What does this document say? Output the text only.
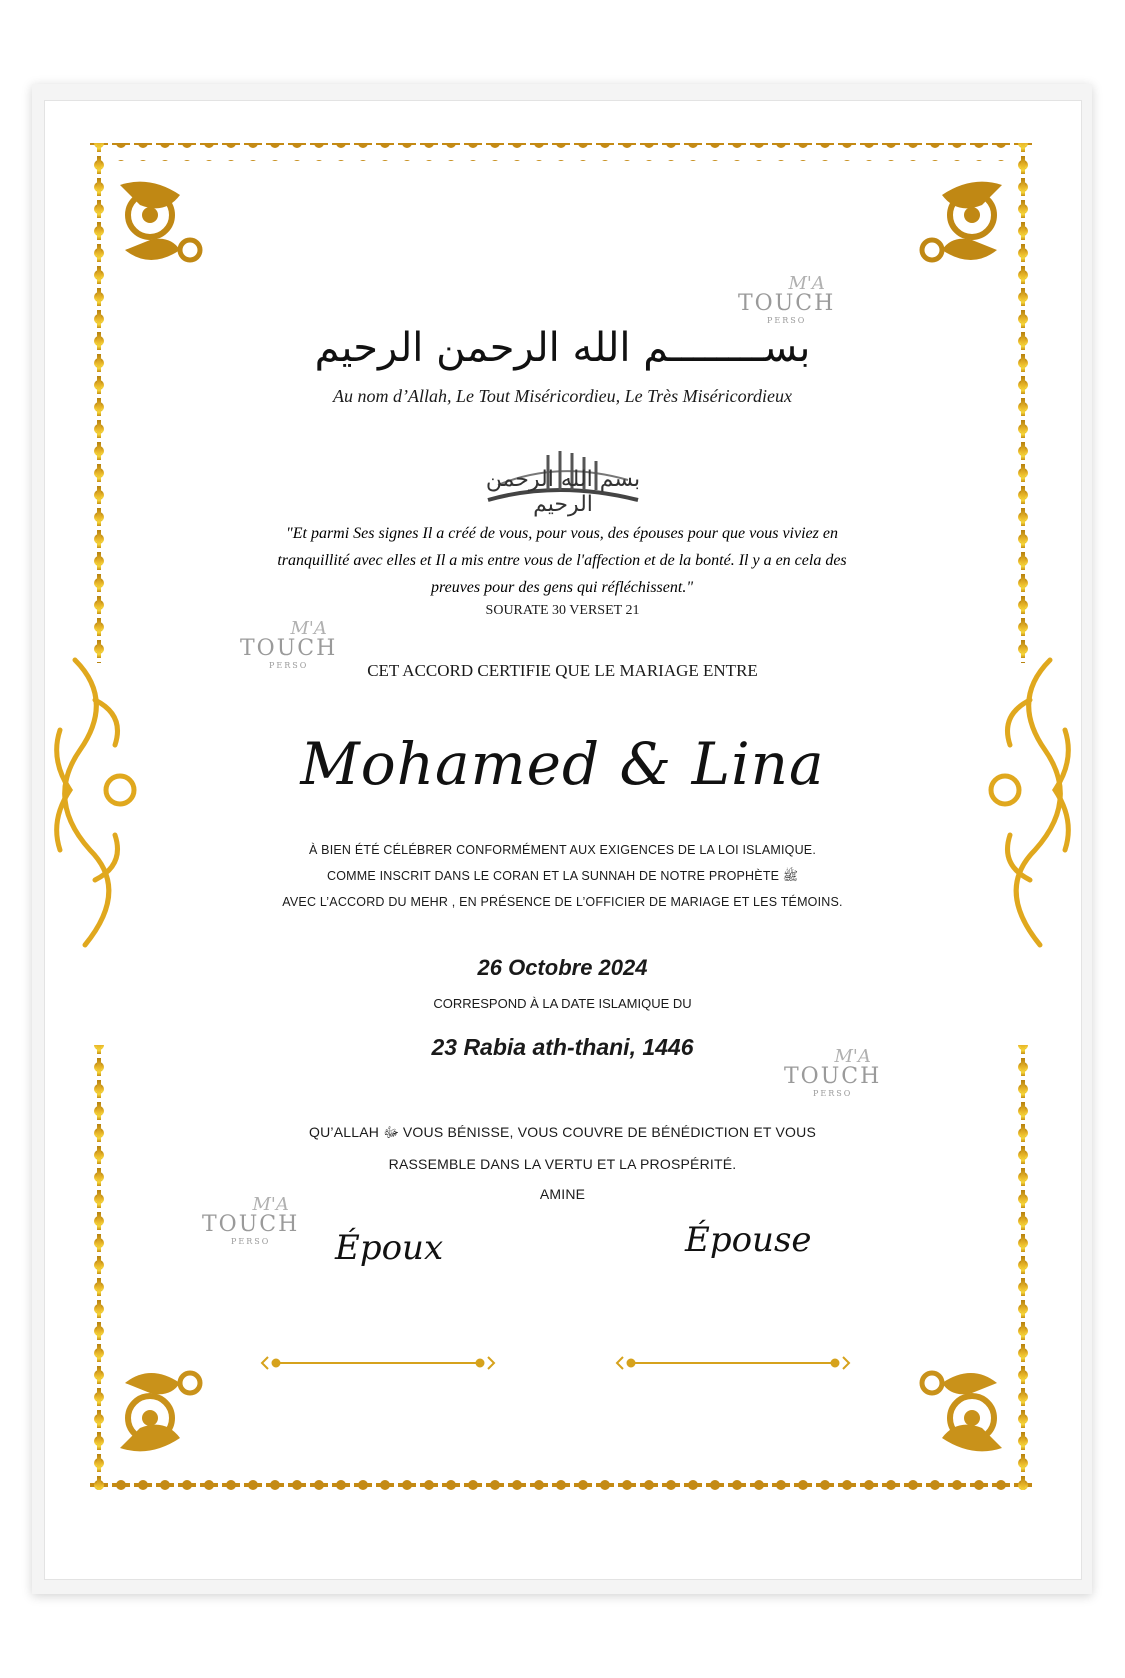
M'A
TOUCH
PERSO
M'A
TOUCH
PERSO
M'A
TOUCH
PERSO
M'A
TOUCH
PERSO
بســــــــم الله الرحمن الرحيم
Au nom d’Allah, Le Tout Miséricordieu, Le Très Miséricordieux
بسم الله الرحمن الرحيم
"Et parmi Ses signes Il a créé de vous, pour vous, des épouses pour que vous viviez en tranquillité avec elles et Il a mis entre vous de l'affection et de la bonté. Il y a en cela des preuves pour des gens qui réfléchissent."
SOURATE 30 VERSET 21
CET ACCORD CERTIFIE QUE LE MARIAGE ENTRE
Mohamed & Lina
À BIEN ÉTÉ CÉLÉBRER CONFORMÉMENT AUX EXIGENCES DE LA LOI ISLAMIQUE.
COMME INSCRIT DANS LE CORAN ET LA SUNNAH DE NOTRE PROPHÈTE ﷺ
AVEC L’ACCORD DU MEHR , EN PRÉSENCE DE L’OFFICIER DE MARIAGE ET LES TÉMOINS.
26 Octobre 2024
CORRESPOND À LA DATE ISLAMIQUE DU
23 Rabia ath-thani, 1446
QU’ALLAH ﷻ VOUS BÉNISSE, VOUS COUVRE DE BÉNÉDICTION ET VOUS
RASSEMBLE DANS LA VERTU ET LA PROSPÉRITÉ.
AMINE
Époux	Épouse
